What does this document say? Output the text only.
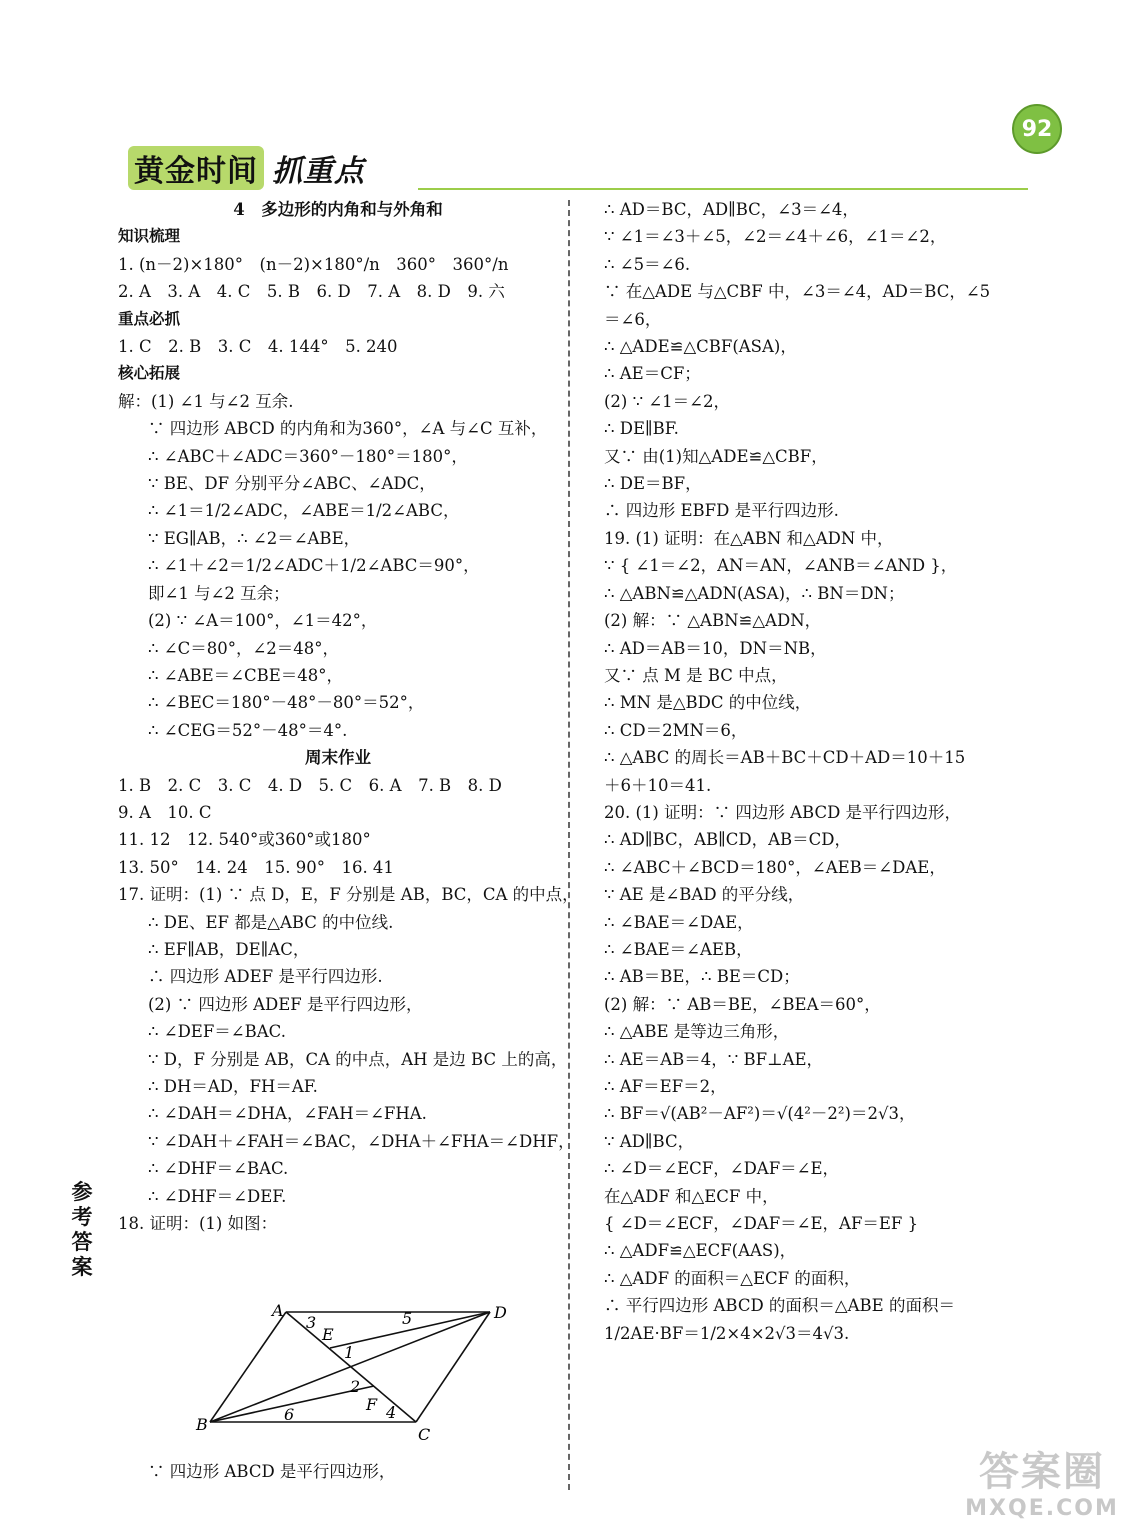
黄金时间 抓重点
92
4　多边形的内角和与外角和
知识梳理
1. (n－2)×180°　(n－2)×180°/n　360°　360°/n
2. A　3. A　4. C　5. B　6. D　7. A　8. D　9. 六
重点必抓
1. C　2. B　3. C　4. 144°　5. 240
核心拓展
解：(1) ∠1 与∠2 互余.
∵ 四边形 ABCD 的内角和为360°，∠A 与∠C 互补，
∴ ∠ABC＋∠ADC＝360°－180°＝180°，
∵ BE、DF 分别平分∠ABC、∠ADC，
∴ ∠1＝1/2∠ADC，∠ABE＝1/2∠ABC，
∵ EG∥AB，∴ ∠2＝∠ABE，
∴ ∠1＋∠2＝1/2∠ADC＋1/2∠ABC＝90°，
即∠1 与∠2 互余；
(2) ∵ ∠A＝100°，∠1＝42°，
∴ ∠C＝80°，∠2＝48°，
∴ ∠ABE＝∠CBE＝48°，
∴ ∠BEC＝180°－48°－80°＝52°，
∴ ∠CEG＝52°－48°＝4°.
周末作业
1. B　2. C　3. C　4. D　5. C　6. A　7. B　8. D
9. A　10. C
11. 12　12. 540°或360°或180°
13. 50°　14. 24　15. 90°　16. 41
17. 证明：(1) ∵ 点 D，E，F 分别是 AB，BC，CA 的中点，
∴ DE、EF 都是△ABC 的中位线.
∴ EF∥AB，DE∥AC，
∴ 四边形 ADEF 是平行四边形.
(2) ∵ 四边形 ADEF 是平行四边形，
∴ ∠DEF＝∠BAC.
∵ D，F 分别是 AB，CA 的中点，AH 是边 BC 上的高，
∴ DH＝AD，FH＝AF.
∴ ∠DAH＝∠DHA，∠FAH＝∠FHA.
∵ ∠DAH＋∠FAH＝∠BAC，∠DHA＋∠FHA＝∠DHF，
∴ ∠DHF＝∠BAC.
∴ ∠DHF＝∠DEF.
18. 证明：(1) 如图：
A
B
C
D
E
F
1
2
3
4
5
6
∵ 四边形 ABCD 是平行四边形，
∴ AD＝BC，AD∥BC，∠3＝∠4，
∵ ∠1＝∠3＋∠5，∠2＝∠4＋∠6，∠1＝∠2，
∴ ∠5＝∠6.
∵ 在△ADE 与△CBF 中，∠3＝∠4，AD＝BC，∠5
＝∠6，
∴ △ADE≌△CBF(ASA)，
∴ AE＝CF；
(2) ∵ ∠1＝∠2，
∴ DE∥BF.
又∵ 由(1)知△ADE≌△CBF，
∴ DE＝BF，
∴ 四边形 EBFD 是平行四边形.
19. (1) 证明：在△ABN 和△ADN 中，
∵ { ∠1＝∠2，AN＝AN，∠ANB＝∠AND }，
∴ △ABN≌△ADN(ASA)，∴ BN＝DN；
(2) 解：∵ △ABN≌△ADN，
∴ AD＝AB＝10，DN＝NB，
又∵ 点 M 是 BC 中点，
∴ MN 是△BDC 的中位线，
∴ CD＝2MN＝6，
∴ △ABC 的周长＝AB＋BC＋CD＋AD＝10＋15
＋6＋10＝41.
20. (1) 证明：∵ 四边形 ABCD 是平行四边形，
∴ AD∥BC，AB∥CD，AB＝CD，
∴ ∠ABC＋∠BCD＝180°，∠AEB＝∠DAE，
∵ AE 是∠BAD 的平分线，
∴ ∠BAE＝∠DAE，
∴ ∠BAE＝∠AEB，
∴ AB＝BE，∴ BE＝CD；
(2) 解：∵ AB＝BE，∠BEA＝60°，
∴ △ABE 是等边三角形，
∴ AE＝AB＝4，∵ BF⊥AE，
∴ AF＝EF＝2，
∴ BF＝√(AB²－AF²)＝√(4²－2²)＝2√3，
∵ AD∥BC，
∴ ∠D＝∠ECF，∠DAF＝∠E，
在△ADF 和△ECF 中，
{ ∠D＝∠ECF，∠DAF＝∠E，AF＝EF }
∴ △ADF≌△ECF(AAS)，
∴ △ADF 的面积＝△ECF 的面积，
∴ 平行四边形 ABCD 的面积＝△ABE 的面积＝
1/2AE·BF＝1/2×4×2√3＝4√3.
参考答案
答案圈
MXQE.COM
